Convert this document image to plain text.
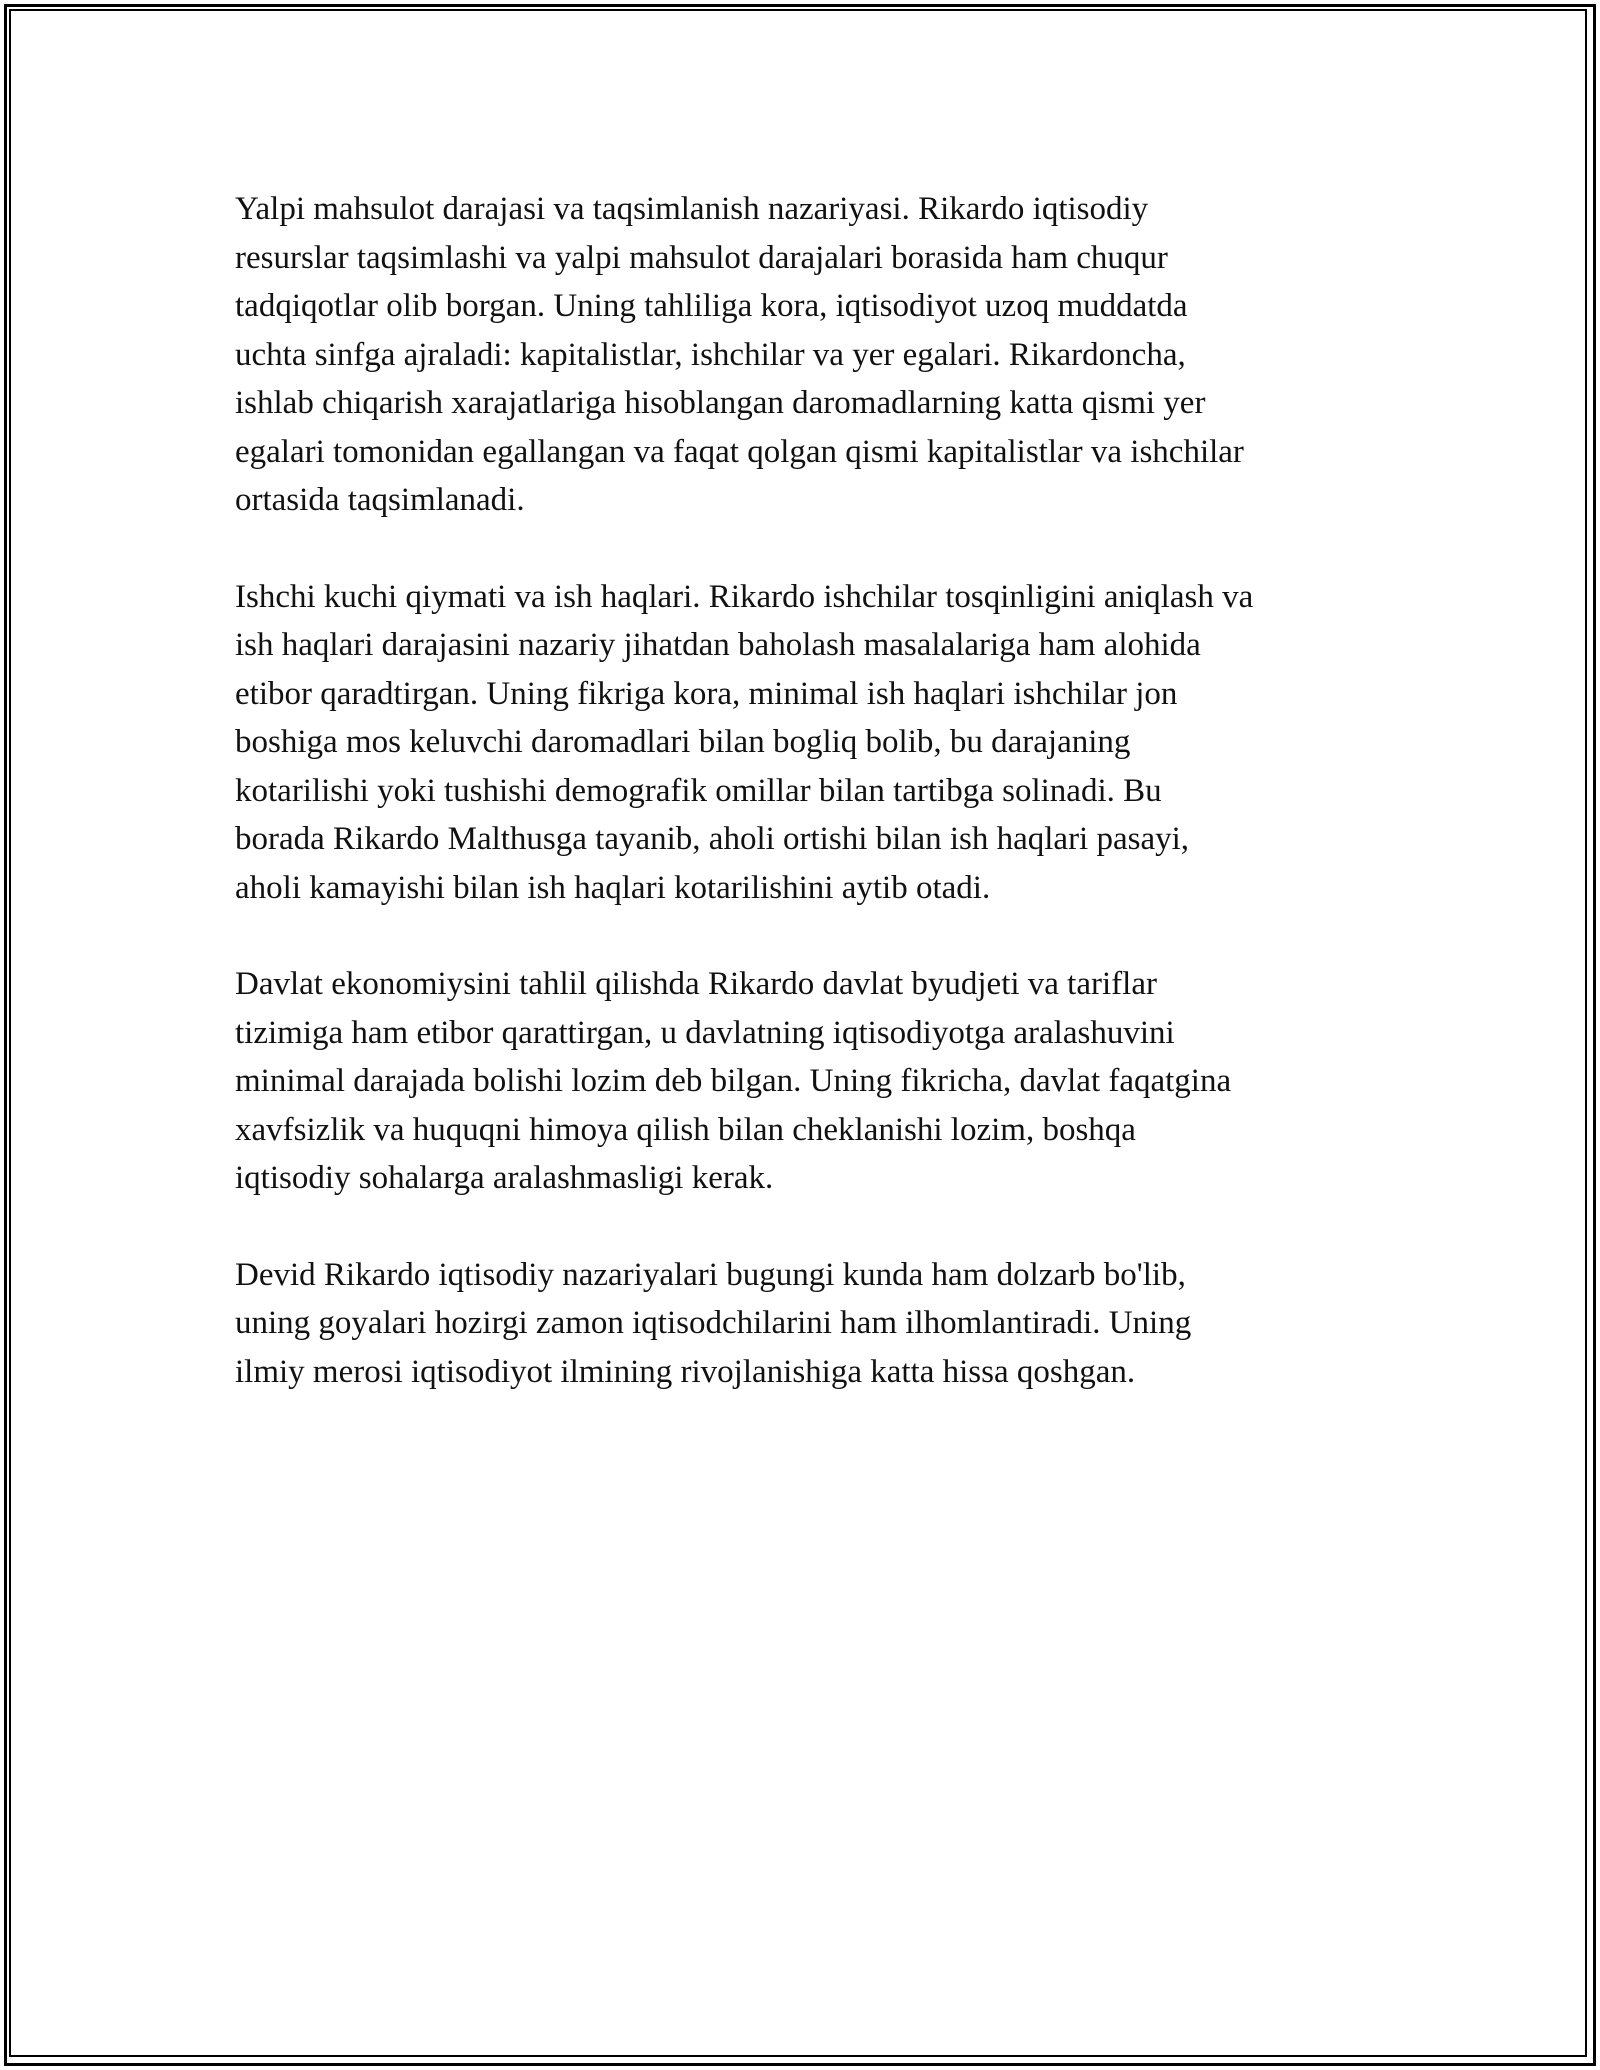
Yalpi mahsulot darajasi va taqsimlanish nazariyasi. Rikardo iqtisodiy
resurslar taqsimlashi va yalpi mahsulot darajalari borasida ham chuqur
tadqiqotlar olib borgan. Uning tahliliga kora, iqtisodiyot uzoq muddatda
uchta sinfga ajraladi: kapitalistlar, ishchilar va yer egalari. Rikardoncha,
ishlab chiqarish xarajatlariga hisoblangan daromadlarning katta qismi yer
egalari tomonidan egallangan va faqat qolgan qismi kapitalistlar va ishchilar
ortasida taqsimlanadi.

Ishchi kuchi qiymati va ish haqlari. Rikardo ishchilar tosqinligini aniqlash va
ish haqlari darajasini nazariy jihatdan baholash masalalariga ham alohida
etibor qaradtirgan. Uning fikriga kora, minimal ish haqlari ishchilar jon
boshiga mos keluvchi daromadlari bilan bogliq bolib, bu darajaning
kotarilishi yoki tushishi demografik omillar bilan tartibga solinadi. Bu
borada Rikardo Malthusga tayanib, aholi ortishi bilan ish haqlari pasayi,
aholi kamayishi bilan ish haqlari kotarilishini aytib otadi.

Davlat ekonomiysini tahlil qilishda Rikardo davlat byudjeti va tariflar
tizimiga ham etibor qarattirgan, u davlatning iqtisodiyotga aralashuvini
minimal darajada bolishi lozim deb bilgan. Uning fikricha, davlat faqatgina
xavfsizlik va huquqni himoya qilish bilan cheklanishi lozim, boshqa
iqtisodiy sohalarga aralashmasligi kerak.

Devid Rikardo iqtisodiy nazariyalari bugungi kunda ham dolzarb bo'lib,
uning goyalari hozirgi zamon iqtisodchilarini ham ilhomlantiradi. Uning
ilmiy merosi iqtisodiyot ilmining rivojlanishiga katta hissa qoshgan.
